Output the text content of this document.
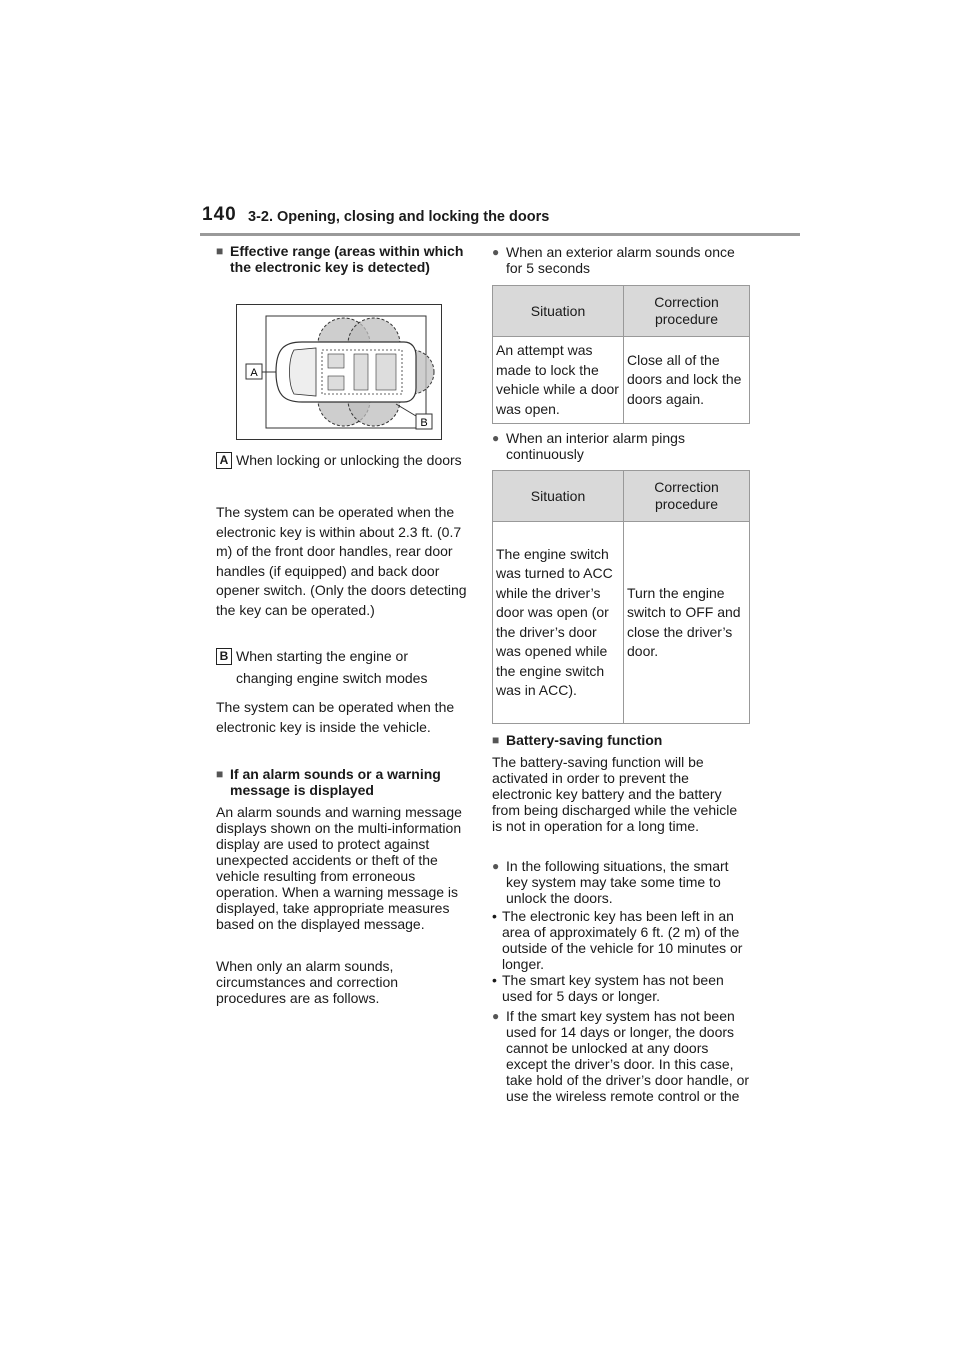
140 3-2. Opening, closing and locking the doors
■ Effective range (areas within which the electronic key is detected)
A
B
A When locking or unlocking the doors
The system can be operated when the electronic key is within about 2.3 ft. (0.7 m) of the front door handles, rear door handles (if equipped) and back door opener switch. (Only the doors detecting the key can be operated.)
B When starting the engine or changing engine switch modes
The system can be operated when the electronic key is inside the vehicle.
■ If an alarm sounds or a warning message is displayed
An alarm sounds and warning message displays shown on the multi-information display are used to protect against unexpected accidents or theft of the vehicle resulting from erroneous operation. When a warning message is displayed, take appropriate measures based on the displayed message.
When only an alarm sounds, circumstances and correction procedures are as follows.
● When an exterior alarm sounds once for 5 seconds
Situation	Correction procedure
An attempt was made to lock the vehicle while a door was open.	Close all of the doors and lock the doors again.
● When an interior alarm pings continuously
Situation	Correction procedure
The engine switch was turned to ACC while the driver’s door was open (or the driver’s door was opened while the engine switch was in ACC).	Turn the engine switch to OFF and close the driver’s door.
■ Battery-saving function
The battery-saving function will be activated in order to prevent the electronic key battery and the battery from being discharged while the vehicle is not in operation for a long time.
● In the following situations, the smart key system may take some time to unlock the doors.
• The electronic key has been left in an area of approximately 6 ft. (2 m) of the outside of the vehicle for 10 minutes or longer.
• The smart key system has not been used for 5 days or longer.
● If the smart key system has not been used for 14 days or longer, the doors cannot be unlocked at any doors except the driver’s door. In this case, take hold of the driver’s door handle, or use the wireless remote control or the
